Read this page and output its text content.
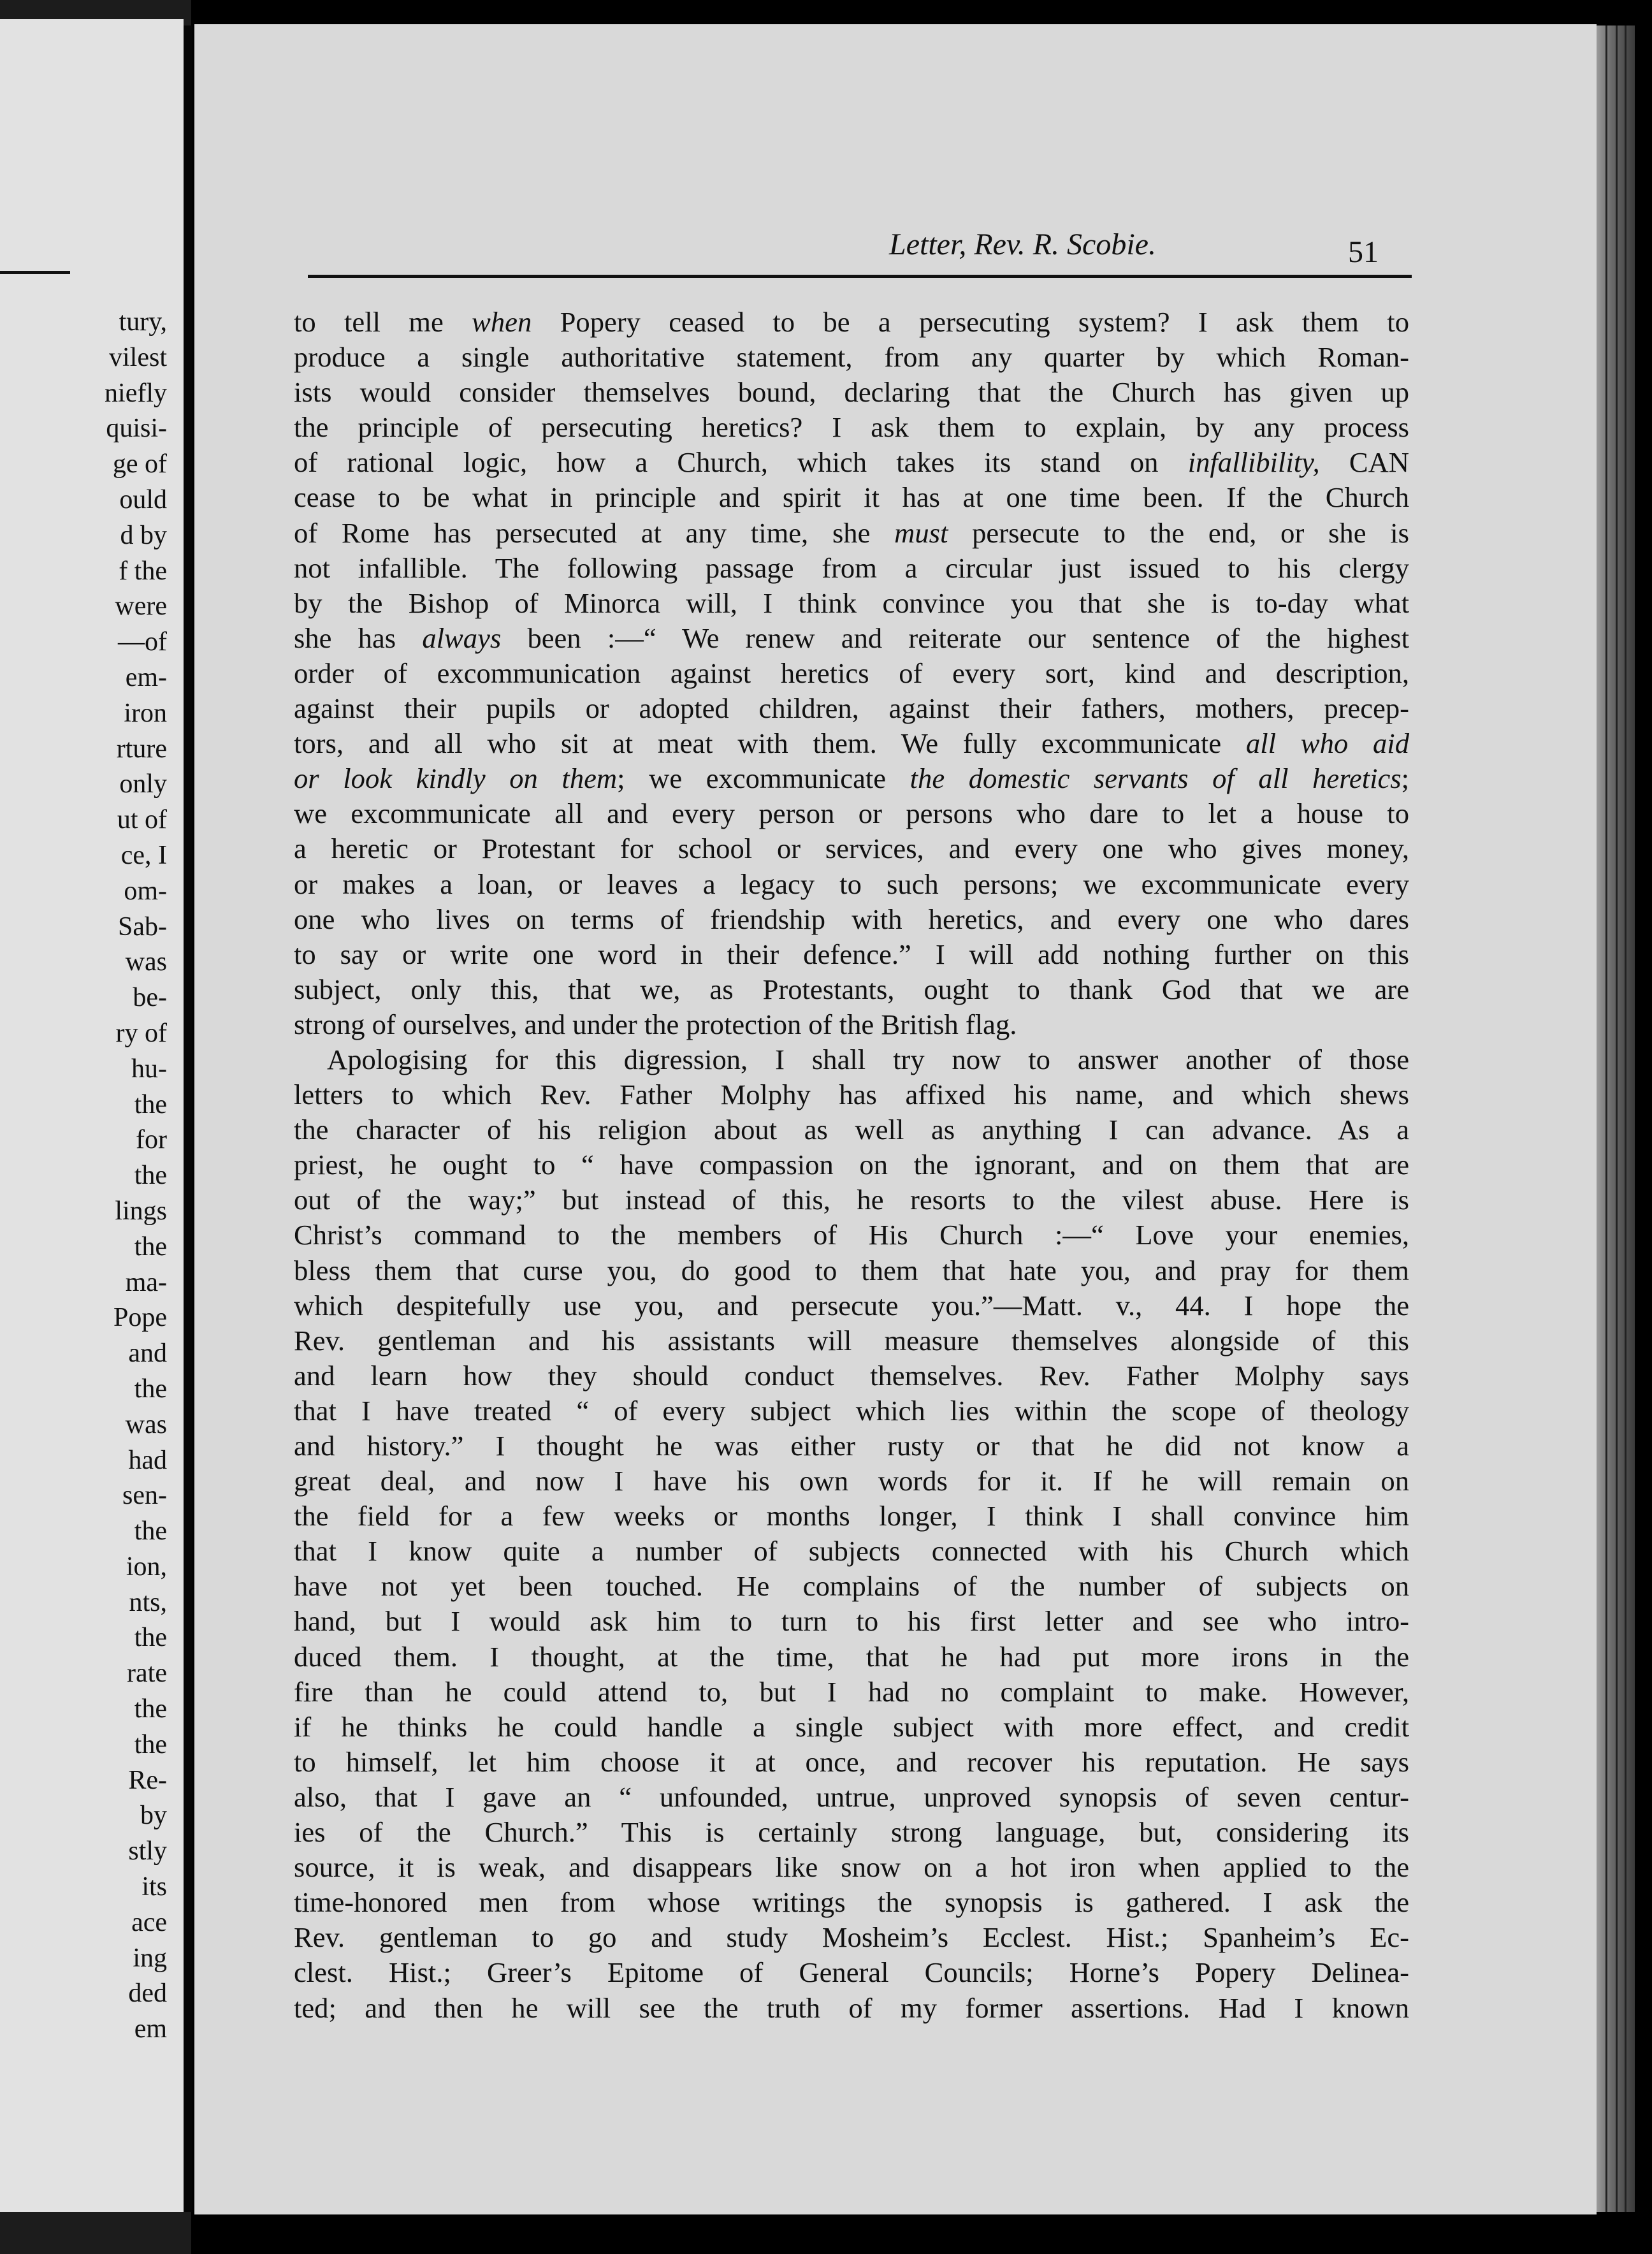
tury,
vilest
niefly
quisi-
ge of
ould
d by
f the
were
—of
em-
iron
rture
only
ut of
ce, I
om-
Sab-
was
be-
ry of
hu-
the
for
the
lings
the
ma-
Pope
and
the
was
had
sen-
the
ion,
nts,
the
rate
the
the
Re-
by
stly
its
ace
ing
ded
em
Letter, Rev. R. Scobie.	51
to tell me when Popery ceased to be a persecuting system? I ask them to
produce a single authoritative statement, from any quarter by which Roman-
ists would consider themselves bound, declaring that the Church has given up
the principle of persecuting heretics? I ask them to explain, by any process
of rational logic, how a Church, which takes its stand on infallibility, CAN
cease to be what in principle and spirit it has at one time been. If the Church
of Rome has persecuted at any time, she must persecute to the end, or she is
not infallible. The following passage from a circular just issued to his clergy
by the Bishop of Minorca will, I think convince you that she is to-day what
she has always been :—“ We renew and reiterate our sentence of the highest
order of excommunication against heretics of every sort, kind and description,
against their pupils or adopted children, against their fathers, mothers, precep-
tors, and all who sit at meat with them. We fully excommunicate all who aid
or look kindly on them; we excommunicate the domestic servants of all heretics;
we excommunicate all and every person or persons who dare to let a house to
a heretic or Protestant for school or services, and every one who gives money,
or makes a loan, or leaves a legacy to such persons; we excommunicate every
one who lives on terms of friendship with heretics, and every one who dares
to say or write one word in their defence.” I will add nothing further on this
subject, only this, that we, as Protestants, ought to thank God that we are
strong of ourselves, and under the protection of the British flag.
Apologising for this digression, I shall try now to answer another of those
letters to which Rev. Father Molphy has affixed his name, and which shews
the character of his religion about as well as anything I can advance. As a
priest, he ought to “ have compassion on the ignorant, and on them that are
out of the way;” but instead of this, he resorts to the vilest abuse. Here is
Christ’s command to the members of His Church :—“ Love your enemies,
bless them that curse you, do good to them that hate you, and pray for them
which despitefully use you, and persecute you.”—Matt. v., 44. I hope the
Rev. gentleman and his assistants will measure themselves alongside of this
and learn how they should conduct themselves. Rev. Father Molphy says
that I have treated “ of every subject which lies within the scope of theology
and history.” I thought he was either rusty or that he did not know a
great deal, and now I have his own words for it. If he will remain on
the field for a few weeks or months longer, I think I shall convince him
that I know quite a number of subjects connected with his Church which
have not yet been touched. He complains of the number of subjects on
hand, but I would ask him to turn to his first letter and see who intro-
duced them. I thought, at the time, that he had put more irons in the
fire than he could attend to, but I had no complaint to make. However,
if he thinks he could handle a single subject with more effect, and credit
to himself, let him choose it at once, and recover his reputation. He says
also, that I gave an “ unfounded, untrue, unproved synopsis of seven centur-
ies of the Church.” This is certainly strong language, but, considering its
source, it is weak, and disappears like snow on a hot iron when applied to the
time-honored men from whose writings the synopsis is gathered. I ask the
Rev. gentleman to go and study Mosheim’s Ecclest. Hist.; Spanheim’s Ec-
clest. Hist.; Greer’s Epitome of General Councils; Horne’s Popery Delinea-
ted; and then he will see the truth of my former assertions. Had I known
